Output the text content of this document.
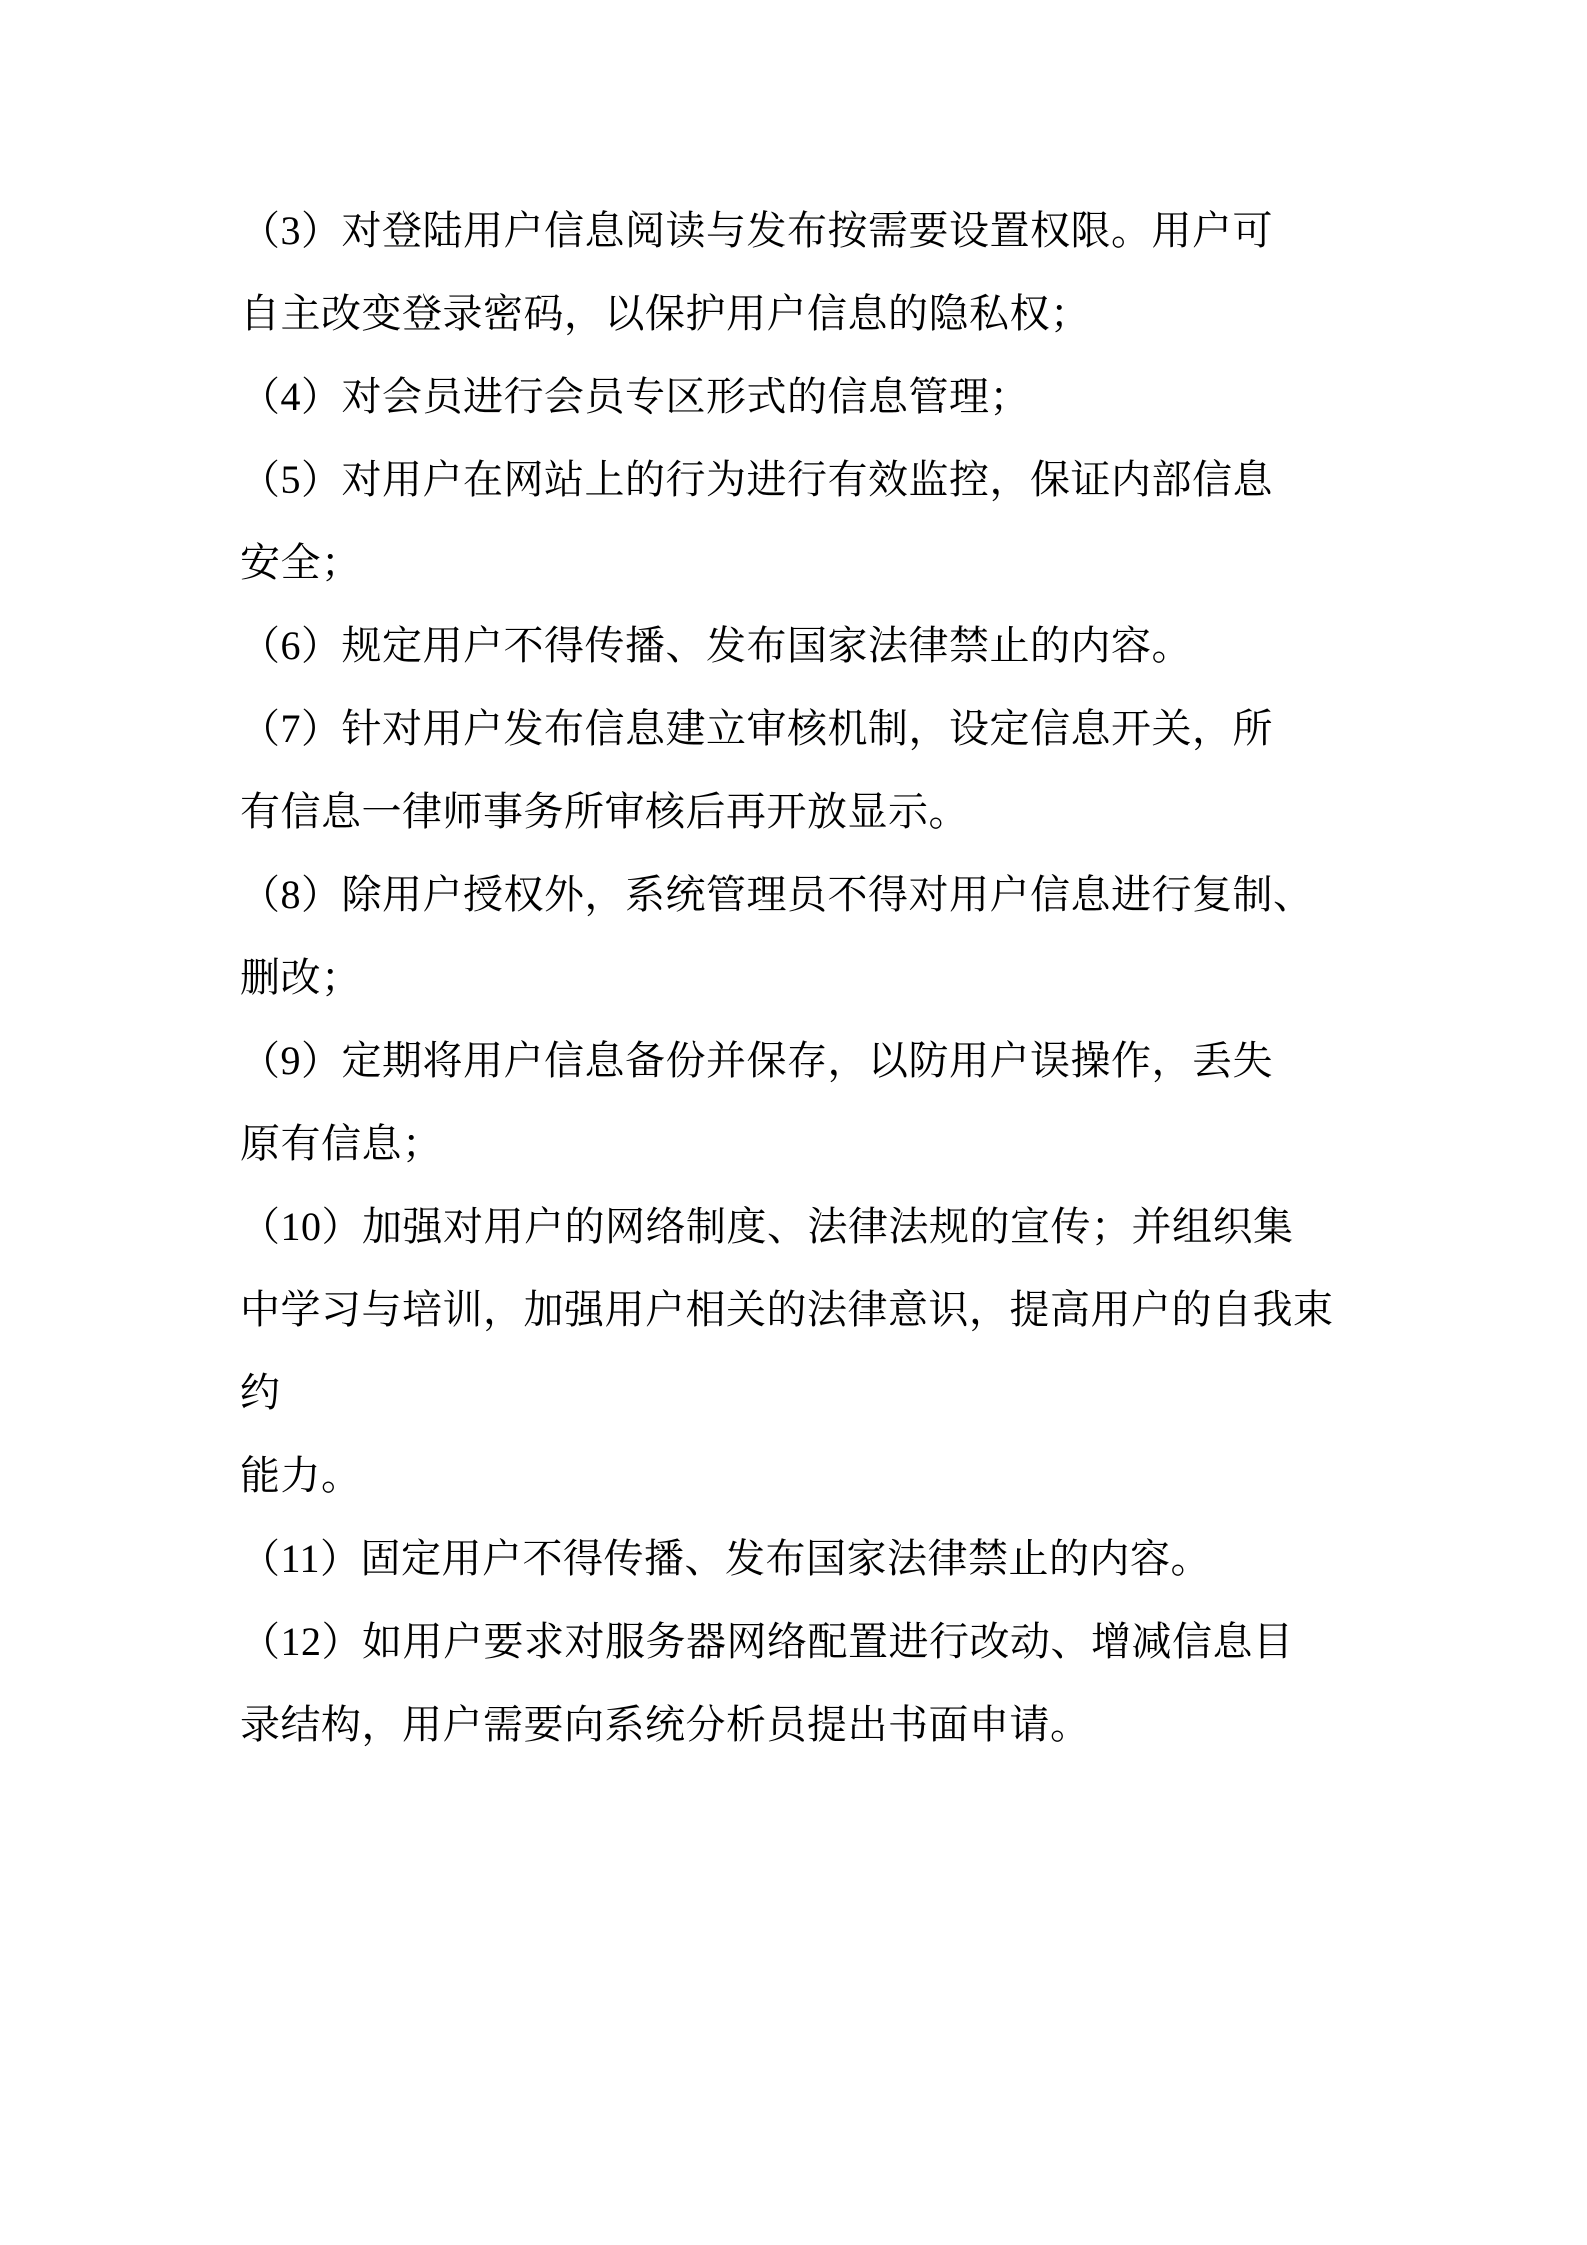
（3）对登陆用户信息阅读与发布按需要设置权限。用户可
自主改变登录密码，以保护用户信息的隐私权；
（4）对会员进行会员专区形式的信息管理；
（5）对用户在网站上的行为进行有效监控，保证内部信息
安全；
（6）规定用户不得传播、发布国家法律禁止的内容。
（7）针对用户发布信息建立审核机制，设定信息开关，所
有信息一律师事务所审核后再开放显示。
（8）除用户授权外，系统管理员不得对用户信息进行复制、
删改；
（9）定期将用户信息备份并保存，以防用户误操作，丢失
原有信息；
（10）加强对用户的网络制度、法律法规的宣传；并组织集
中学习与培训，加强用户相关的法律意识，提高用户的自我束
约
能力。
（11）固定用户不得传播、发布国家法律禁止的内容。
（12）如用户要求对服务器网络配置进行改动、增减信息目
录结构，用户需要向系统分析员提出书面申请。
